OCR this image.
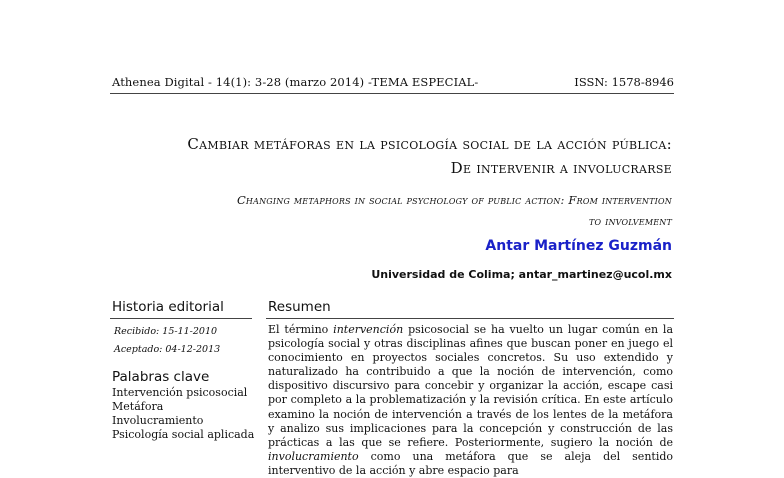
Athenea Digital - 14(1): 3-28 (marzo 2014) -TEMA ESPECIAL-	ISSN: 1578-8946
Cambiar metáforas en la psicología social de la acción pública:
De intervenir a involucrarse
Changing metaphors in social psychology of public action: From intervention
to involvement
Antar Martínez Guzmán
Universidad de Colima; antar_martinez@ucol.mx
Historia editorial
Recibido: 15-11-2010
Aceptado: 04-12-2013
Palabras clave
Intervención psicosocial
Metáfora
Involucramiento
Psicología social aplicada
Resumen
El término intervención psicosocial se ha vuelto un lugar común en la psicología social y otras disciplinas afines que buscan poner en juego el conocimiento en proyectos sociales concretos. Su uso extendido y naturalizado ha contribuido a que la noción de intervención, como dispositivo discursivo para concebir y organizar la acción, escape casi por completo a la problematización y la revisión crítica. En este artículo examino la noción de intervención a través de los lentes de la metáfora y analizo sus implicaciones para la concepción y construcción de las prácticas a las que se refiere. Posteriormente, sugiero la noción de involucramiento como una metáfora que se aleja del sentido interventivo de la acción y abre espacio para
